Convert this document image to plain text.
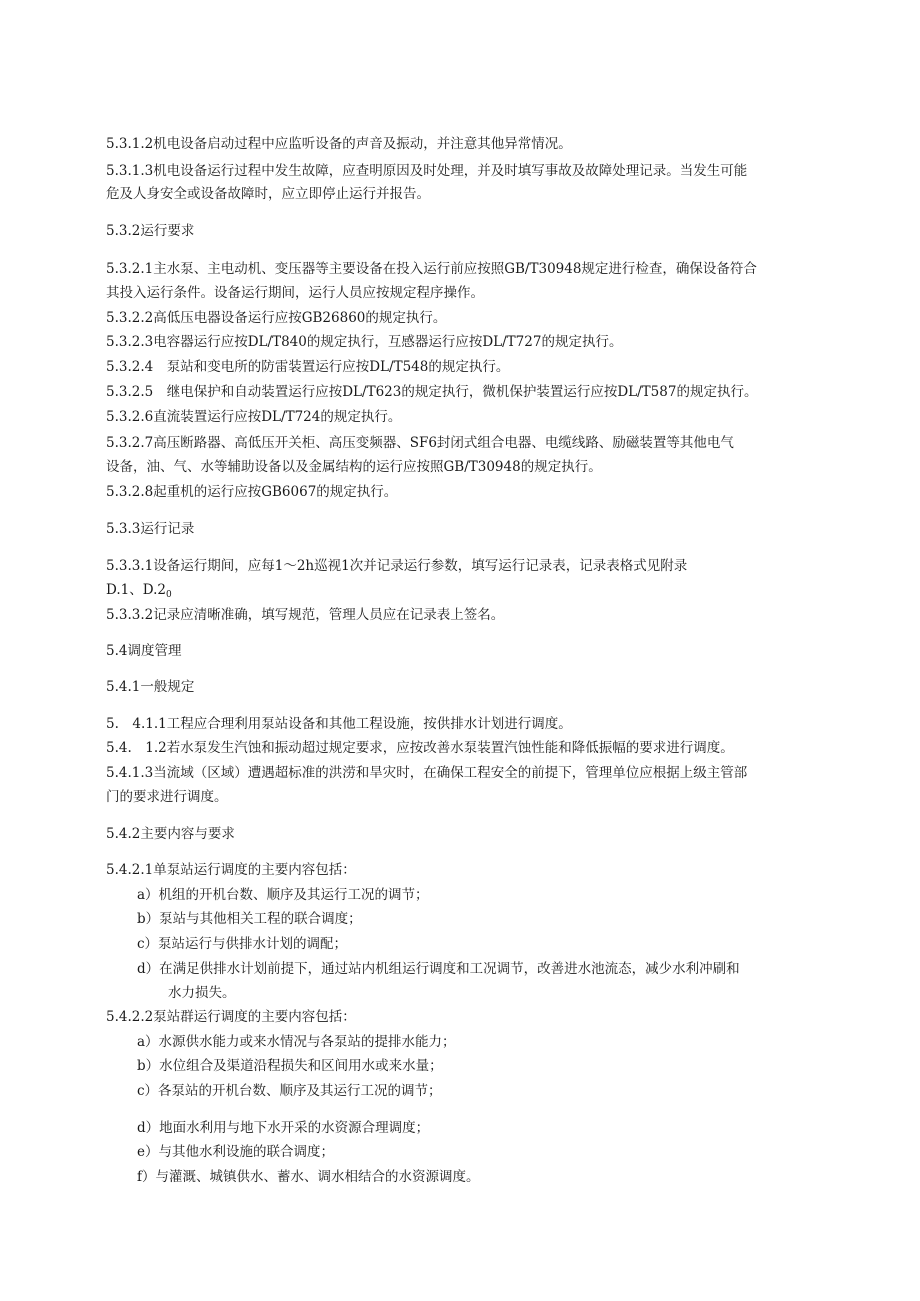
5.3.1.2机电设备启动过程中应监听设备的声音及振动，并注意其他异常情况。
5.3.1.3机电设备运行过程中发生故障，应查明原因及时处理，并及时填写事故及故障处理记录。当发生可能
危及人身安全或设备故障时，应立即停止运行并报告。
5.3.2运行要求
5.3.2.1主水泵、主电动机、变压器等主要设备在投入运行前应按照GB/T30948规定进行检查，确保设备符合
其投入运行条件。设备运行期间，运行人员应按规定程序操作。
5.3.2.2高低压电器设备运行应按GB26860的规定执行。
5.3.2.3电容器运行应按DL/T840的规定执行，互感器运行应按DL/T727的规定执行。
5.3.2.4　泵站和变电所的防雷装置运行应按DL/T548的规定执行。
5.3.2.5　继电保护和自动装置运行应按DL/T623的规定执行，微机保护装置运行应按DL/T587的规定执行。
5.3.2.6直流装置运行应按DL/T724的规定执行。
5.3.2.7高压断路器、高低压开关柜、高压变频器、SF6封闭式组合电器、电缆线路、励磁装置等其他电气
设备，油、气、水等辅助设备以及金属结构的运行应按照GB/T30948的规定执行。
5.3.2.8起重机的运行应按GB6067的规定执行。
5.3.3运行记录
5.3.3.1设备运行期间，应每1～2h巡视1次并记录运行参数，填写运行记录表，记录表格式见附录
D.1、$D.2_0$
5.3.3.2记录应清晰准确，填写规范，管理人员应在记录表上签名。
5.4调度管理
5.4.1一般规定
5.　4.1.1工程应合理利用泵站设备和其他工程设施，按供排水计划进行调度。
5.4.　1.2若水泵发生汽蚀和振动超过规定要求，应按改善水泵装置汽蚀性能和降低振幅的要求进行调度。
5.4.1.3当流域（区域）遭遇超标准的洪涝和旱灾时，在确保工程安全的前提下，管理单位应根据上级主管部
门的要求进行调度。
5.4.2主要内容与要求
5.4.2.1单泵站运行调度的主要内容包括：
a）机组的开机台数、顺序及其运行工况的调节；
b）泵站与其他相关工程的联合调度；
c）泵站运行与供排水计划的调配；
d）在满足供排水计划前提下，通过站内机组运行调度和工况调节，改善进水池流态，减少水利冲刷和
水力损失。
5.4.2.2泵站群运行调度的主要内容包括：
a）水源供水能力或来水情况与各泵站的提排水能力；
b）水位组合及渠道沿程损失和区间用水或来水量；
c）各泵站的开机台数、顺序及其运行工况的调节；
d）地面水利用与地下水开采的水资源合理调度；
e）与其他水利设施的联合调度；
f）与灌溉、城镇供水、蓄水、调水相结合的水资源调度。
